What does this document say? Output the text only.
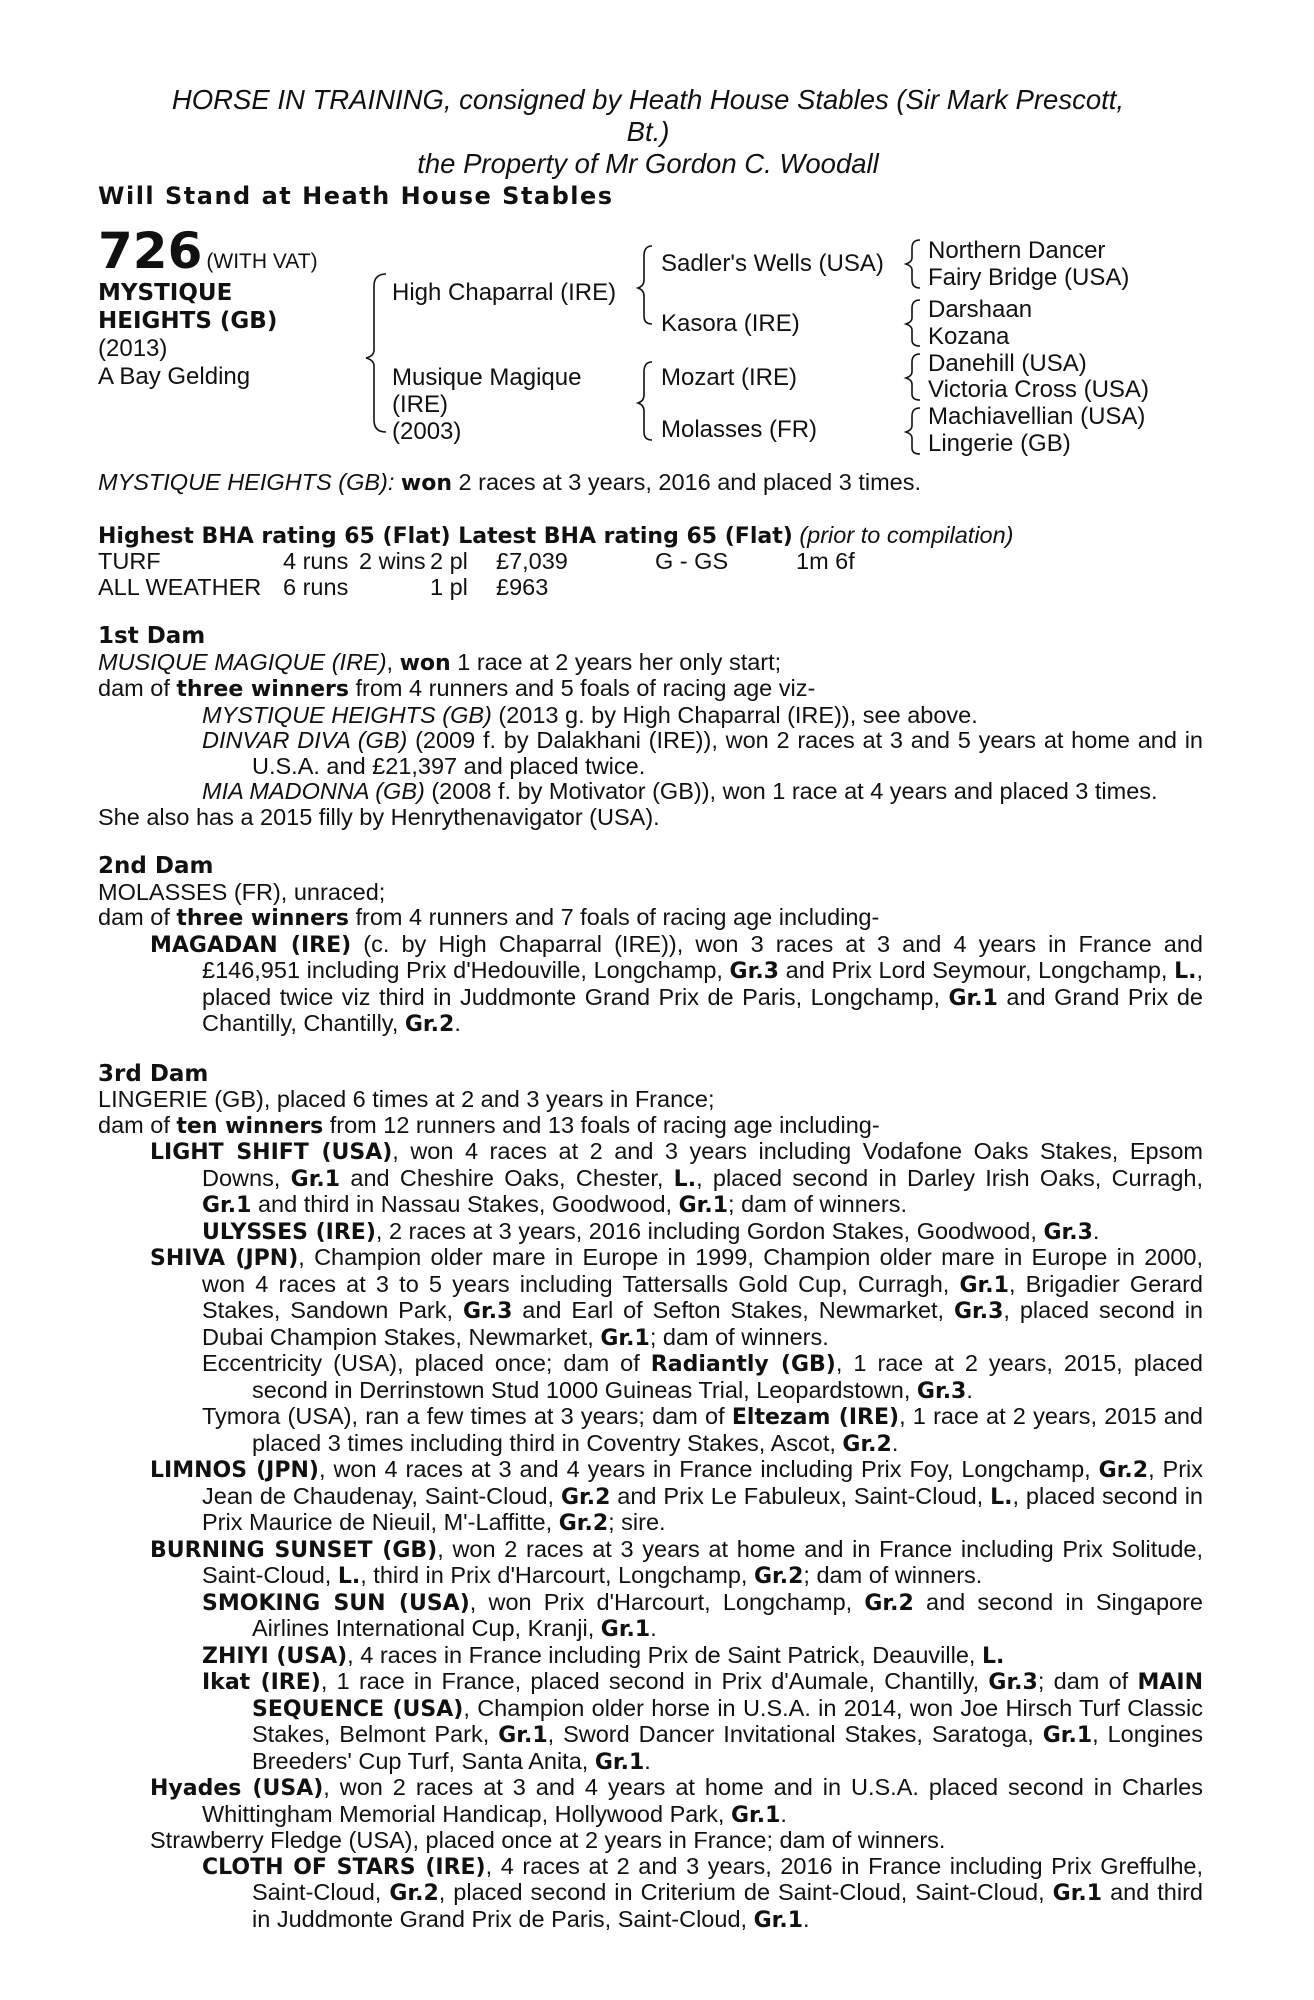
HORSE IN TRAINING, consigned by Heath House Stables (Sir Mark Prescott,
Bt.)
the Property of Mr Gordon C. Woodall
Will Stand at Heath House Stables
726 (WITH VAT)
MYSTIQUE
HEIGHTS (GB)
(2013)
A Bay Gelding
High Chaparral (IRE)
Musique Magique
(IRE)
(2003)
Sadler's Wells (USA)
Kasora (IRE)
Mozart (IRE)
Molasses (FR)
Northern Dancer
Fairy Bridge (USA)
Darshaan
Kozana
Danehill (USA)
Victoria Cross (USA)
Machiavellian (USA)
Lingerie (GB)

MYSTIQUE HEIGHTS (GB): won 2 races at 3 years, 2016 and placed 3 times.

Highest BHA rating 65 (Flat) Latest BHA rating 65 (Flat) (prior to compilation)

TURF	4 runs 2 wins 2 pl	£7,039	G - GS	1m 6f
ALL WEATHER 6 runs	1 pl	£963
1st Dam

MUSIQUE MAGIQUE (IRE), won 1 race at 2 years her only start;

dam of three winners from 4 runners and 5 foals of racing age viz-

MYSTIQUE HEIGHTS (GB) (2013 g. by High Chaparral (IRE)), see above.

DINVAR DIVA (GB) (2009 f. by Dalakhani (IRE)), won 2 races at 3 and 5 years at home and in U.S.A. and £21,397 and placed twice.

MIA MADONNA (GB) (2008 f. by Motivator (GB)), won 1 race at 4 years and placed 3 times.

She also has a 2015 filly by Henrythenavigator (USA).

2nd Dam

MOLASSES (FR), unraced;

dam of three winners from 4 runners and 7 foals of racing age including-

MAGADAN (IRE) (c. by High Chaparral (IRE)), won 3 races at 3 and 4 years in France and £146,951 including Prix d'Hedouville, Longchamp, Gr.3 and Prix Lord Seymour, Longchamp, L., placed twice viz third in Juddmonte Grand Prix de Paris, Longchamp, Gr.1 and Grand Prix de Chantilly, Chantilly, Gr.2.

3rd Dam

LINGERIE (GB), placed 6 times at 2 and 3 years in France;

dam of ten winners from 12 runners and 13 foals of racing age including-

LIGHT SHIFT (USA), won 4 races at 2 and 3 years including Vodafone Oaks Stakes, Epsom Downs, Gr.1 and Cheshire Oaks, Chester, L., placed second in Darley Irish Oaks, Curragh, Gr.1 and third in Nassau Stakes, Goodwood, Gr.1; dam of winners.

ULYSSES (IRE), 2 races at 3 years, 2016 including Gordon Stakes, Goodwood, Gr.3.

SHIVA (JPN), Champion older mare in Europe in 1999, Champion older mare in Europe in 2000, won 4 races at 3 to 5 years including Tattersalls Gold Cup, Curragh, Gr.1, Brigadier Gerard Stakes, Sandown Park, Gr.3 and Earl of Sefton Stakes, Newmarket, Gr.3, placed second in Dubai Champion Stakes, Newmarket, Gr.1; dam of winners.

Eccentricity (USA), placed once; dam of Radiantly (GB), 1 race at 2 years, 2015, placed second in Derrinstown Stud 1000 Guineas Trial, Leopardstown, Gr.3.

Tymora (USA), ran a few times at 3 years; dam of Eltezam (IRE), 1 race at 2 years, 2015 and placed 3 times including third in Coventry Stakes, Ascot, Gr.2.

LIMNOS (JPN), won 4 races at 3 and 4 years in France including Prix Foy, Longchamp, Gr.2, Prix Jean de Chaudenay, Saint-Cloud, Gr.2 and Prix Le Fabuleux, Saint-Cloud, L., placed second in Prix Maurice de Nieuil, M'-Laffitte, Gr.2; sire.

BURNING SUNSET (GB), won 2 races at 3 years at home and in France including Prix Solitude, Saint-Cloud, L., third in Prix d'Harcourt, Longchamp, Gr.2; dam of winners.

SMOKING SUN (USA), won Prix d'Harcourt, Longchamp, Gr.2 and second in Singapore Airlines International Cup, Kranji, Gr.1.

ZHIYI (USA), 4 races in France including Prix de Saint Patrick, Deauville, L.

Ikat (IRE), 1 race in France, placed second in Prix d'Aumale, Chantilly, Gr.3; dam of MAIN SEQUENCE (USA), Champion older horse in U.S.A. in 2014, won Joe Hirsch Turf Classic Stakes, Belmont Park, Gr.1, Sword Dancer Invitational Stakes, Saratoga, Gr.1, Longines Breeders' Cup Turf, Santa Anita, Gr.1.

Hyades (USA), won 2 races at 3 and 4 years at home and in U.S.A. placed second in Charles Whittingham Memorial Handicap, Hollywood Park, Gr.1.

Strawberry Fledge (USA), placed once at 2 years in France; dam of winners.

CLOTH OF STARS (IRE), 4 races at 2 and 3 years, 2016 in France including Prix Greffulhe, Saint-Cloud, Gr.2, placed second in Criterium de Saint-Cloud, Saint-Cloud, Gr.1 and third in Juddmonte Grand Prix de Paris, Saint-Cloud, Gr.1.
